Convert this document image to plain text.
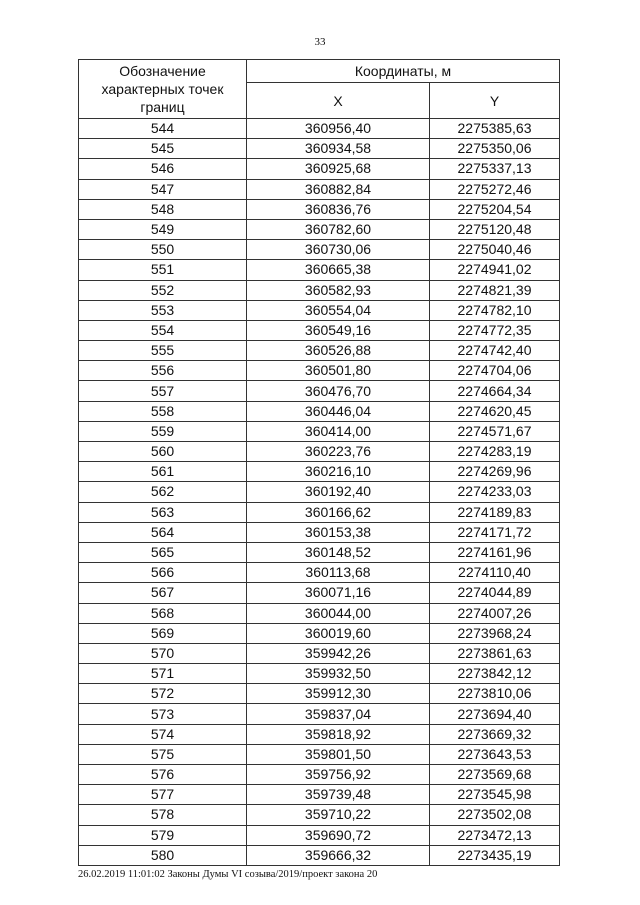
33
Обозначение характерных точек границ	Координаты, м	
	X	Y
544	360956,40	2275385,63
545	360934,58	2275350,06
546	360925,68	2275337,13
547	360882,84	2275272,46
548	360836,76	2275204,54
549	360782,60	2275120,48
550	360730,06	2275040,46
551	360665,38	2274941,02
552	360582,93	2274821,39
553	360554,04	2274782,10
554	360549,16	2274772,35
555	360526,88	2274742,40
556	360501,80	2274704,06
557	360476,70	2274664,34
558	360446,04	2274620,45
559	360414,00	2274571,67
560	360223,76	2274283,19
561	360216,10	2274269,96
562	360192,40	2274233,03
563	360166,62	2274189,83
564	360153,38	2274171,72
565	360148,52	2274161,96
566	360113,68	2274110,40
567	360071,16	2274044,89
568	360044,00	2274007,26
569	360019,60	2273968,24
570	359942,26	2273861,63
571	359932,50	2273842,12
572	359912,30	2273810,06
573	359837,04	2273694,40
574	359818,92	2273669,32
575	359801,50	2273643,53
576	359756,92	2273569,68
577	359739,48	2273545,98
578	359710,22	2273502,08
579	359690,72	2273472,13
580	359666,32	2273435,19
26.02.2019 11:01:02 Законы Думы VI созыва/2019/проект закона 20
